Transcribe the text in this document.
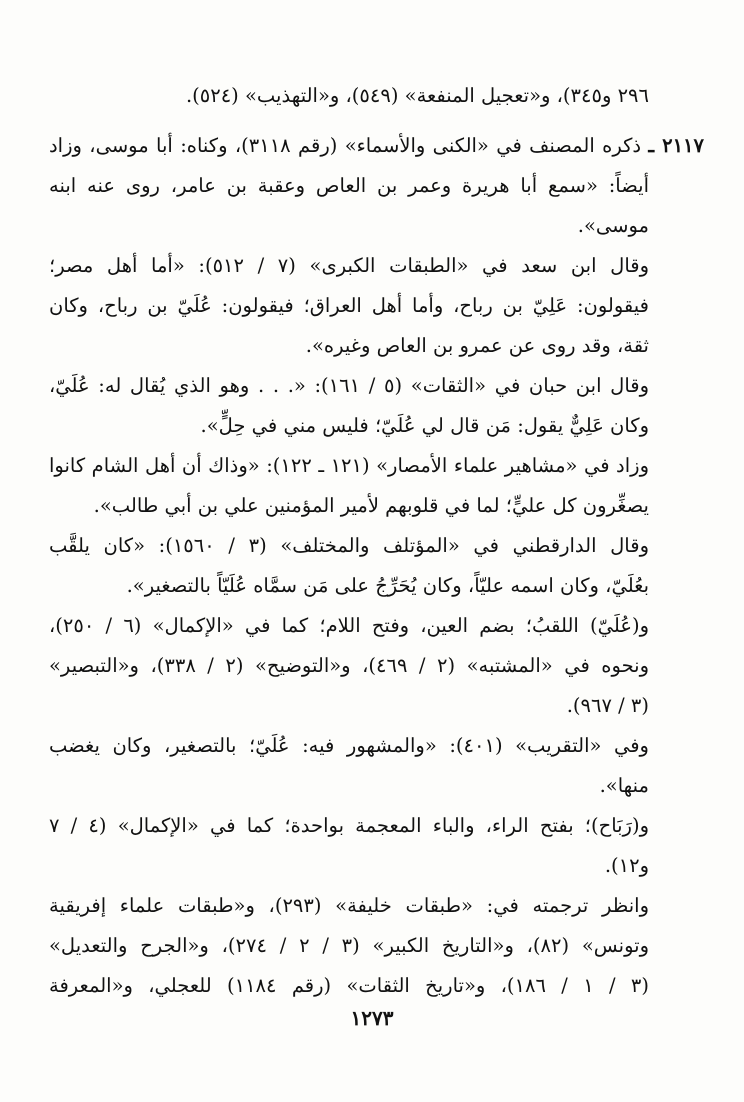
٢٩٦ و٣٤٥)، و«تعجيل المنفعة» (٥٤٩)، و«التهذيب» (٥٢٤).
٢١١٧ ـ ذكره المصنف في «الكنى والأسماء» (رقم ٣١١٨)، وكناه: أبا موسى، وزاد
أيضاً: «سمع أبا هريرة وعمر بن العاص وعقبة بن عامر، روى عنه ابنه
موسى».
وقال ابن سعد في «الطبقات الكبرى» (٧ / ٥١٢): «أما أهل مصر؛
فيقولون: عَلِيّ بن رباح، وأما أهل العراق؛ فيقولون: عُلَيّ بن رباح، وكان
ثقة، وقد روى عن عمرو بن العاص وغيره».
وقال ابن حبان في «الثقات» (٥ / ١٦١): «. . . وهو الذي يُقال له: عُلَيّ،
وكان عَلِيٌّ يقول: مَن قال لي عُلَيّ؛ فليس مني في حِلٍّ».
وزاد في «مشاهير علماء الأمصار» (١٢١ ـ ١٢٢): «وذاك أن أهل الشام كانوا
يصغِّرون كل عليٍّ؛ لما في قلوبهم لأمير المؤمنين علي بن أبي طالب».
وقال الدارقطني في «المؤتلف والمختلف» (٣ / ١٥٦٠): «كان يلقَّب
بعُلَيّ، وكان اسمه عليّاً، وكان يُحَرِّجُ على مَن سمَّاه عُلَيّاً بالتصغير».
و(عُلَيّ) اللقبُ؛ بضم العين، وفتح اللام؛ كما في «الإكمال» (٦ / ٢٥٠)،
ونحوه في «المشتبه» (٢ / ٤٦٩)، و«التوضيح» (٢ / ٣٣٨)، و«التبصير»
(٣ / ٩٦٧).
وفي «التقريب» (٤٠١): «والمشهور فيه: عُلَيّ؛ بالتصغير، وكان يغضب
منها».
و(رَبَاح)؛ بفتح الراء، والباء المعجمة بواحدة؛ كما في «الإكمال» (٤ / ٧
و١٢).
وانظر ترجمته في: «طبقات خليفة» (٢٩٣)، و«طبقات علماء إفريقية
وتونس» (٨٢)، و«التاريخ الكبير» (٣ / ٢ / ٢٧٤)، و«الجرح والتعديل»
(٣ / ١ / ١٨٦)، و«تاريخ الثقات» (رقم ١١٨٤) للعجلي، و«المعرفة
١٢٧٣
